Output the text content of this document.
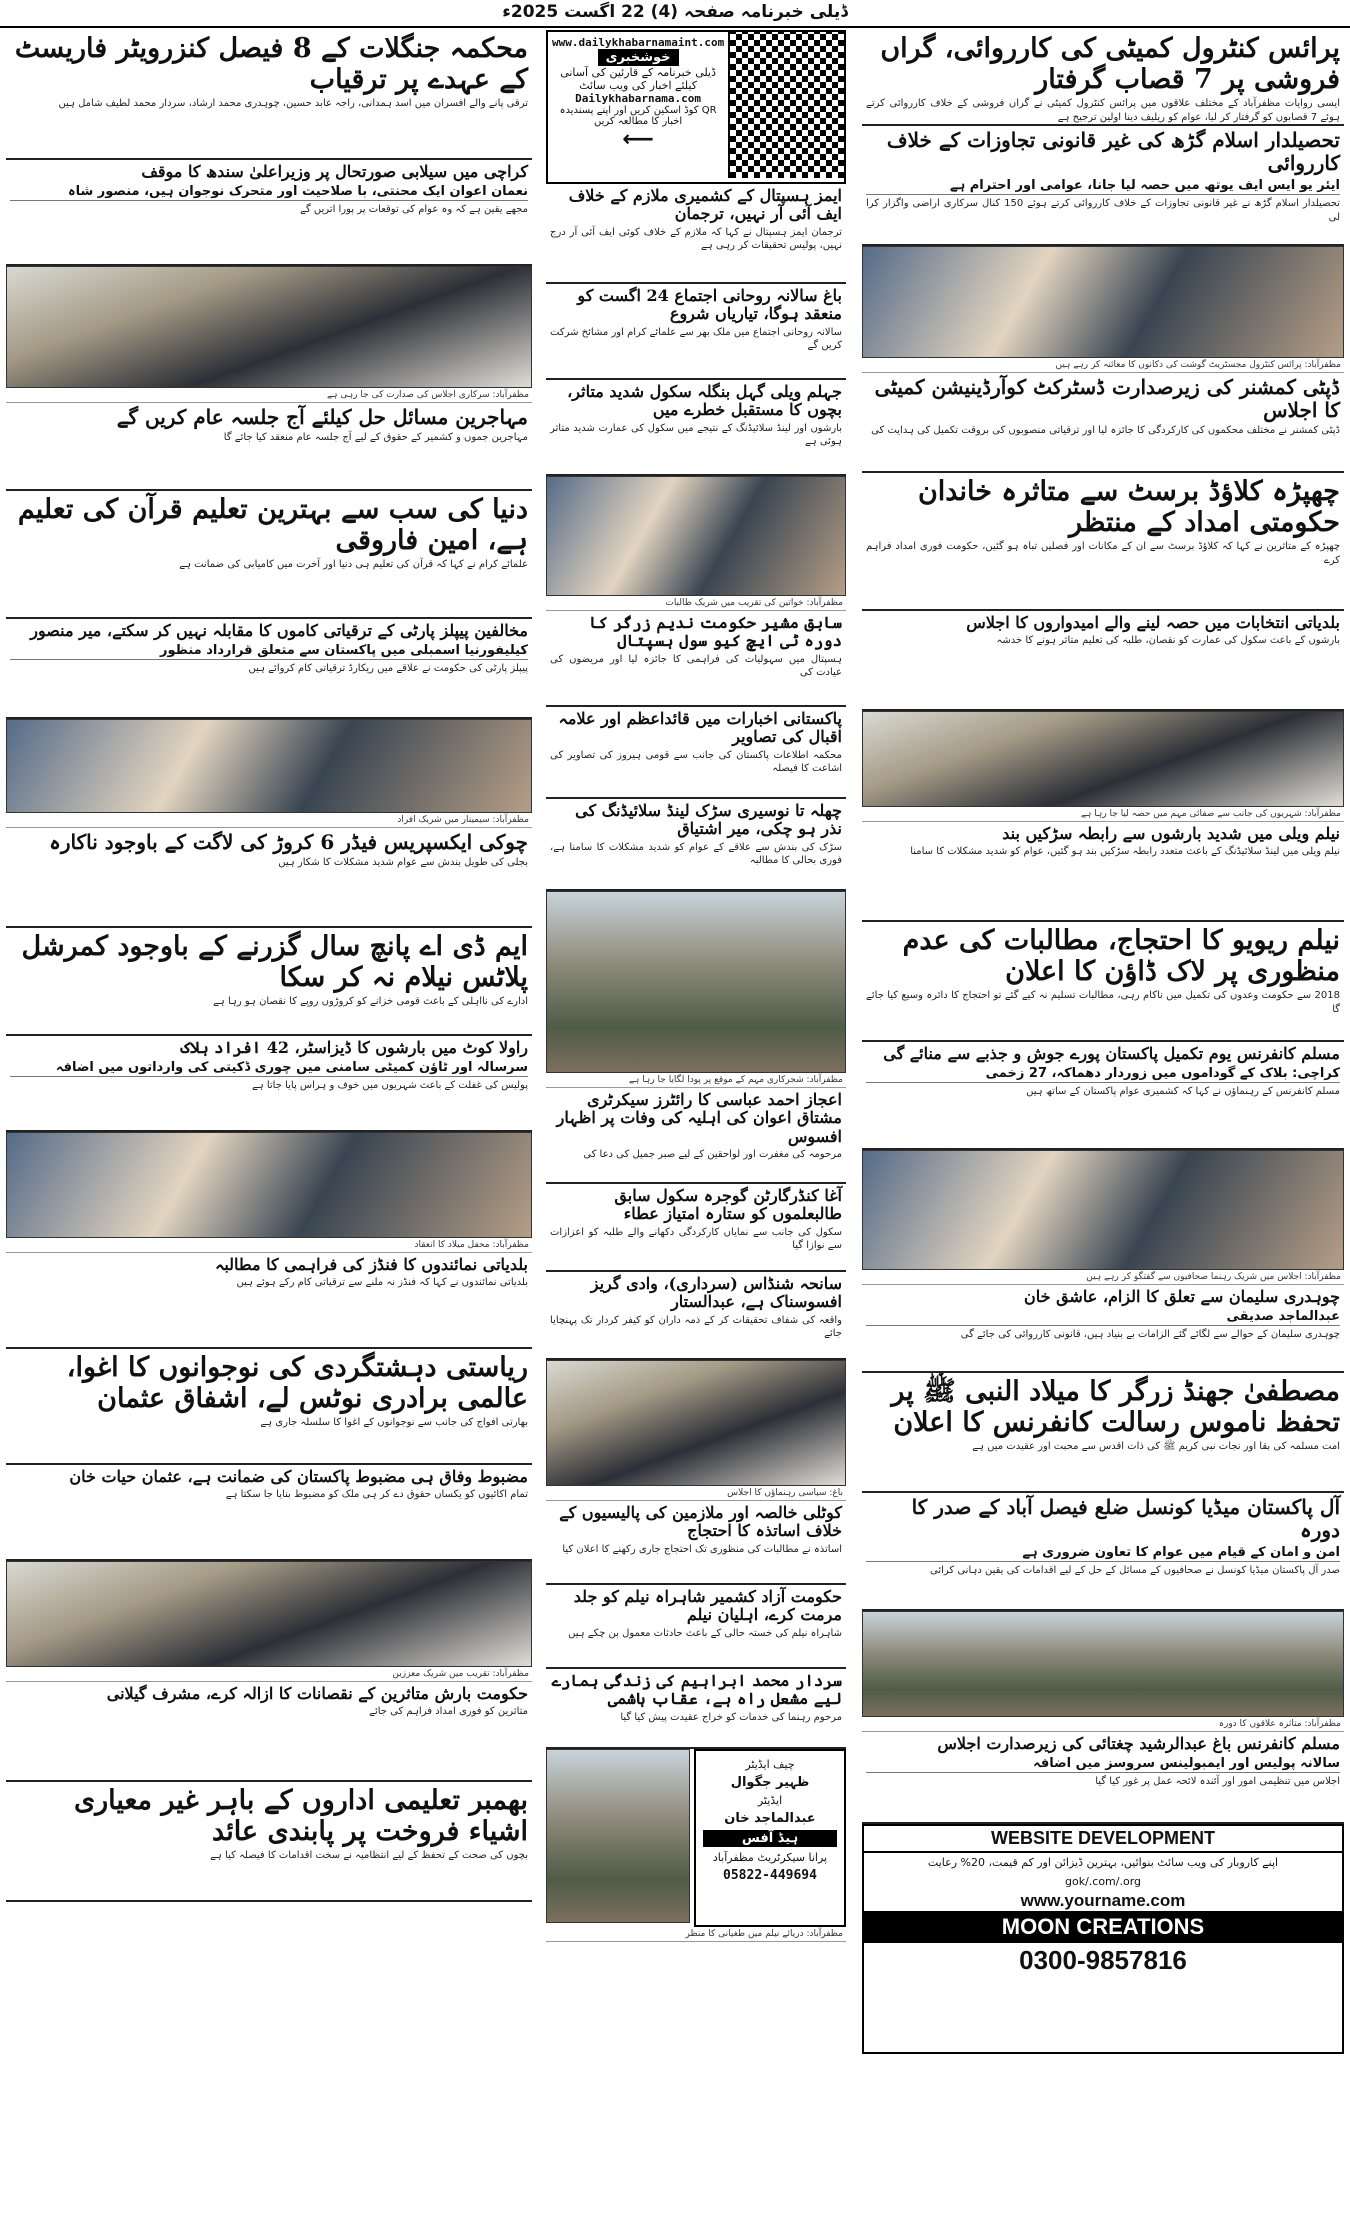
ڈیلی خبرنامہ صفحہ (4) 22 اگست 2025ء
پرائس کنٹرول کمیٹی کی کارروائی، گراں فروشی پر 7 قصاب گرفتار
ایسی روایات مظفرآباد کے مختلف علاقوں میں پرائس کنٹرول کمیٹی نے گراں فروشی کے خلاف کارروائی کرتے ہوئے 7 قصابوں کو گرفتار کر لیا، عوام کو ریلیف دینا اولین ترجیح ہے
تحصیلدار اسلام گڑھ کی غیر قانونی تجاوزات کے خلاف کارروائی
ایئر یو ایس ایف یوتھ میں حصہ لیا جانا، عوامی اور احترام ہے
تحصیلدار اسلام گڑھ نے غیر قانونی تجاوزات کے خلاف کارروائی کرتے ہوئے 150 کنال سرکاری اراضی واگزار کرا لی
مظفرآباد: پرائس کنٹرول مجسٹریٹ گوشت کی دکانوں کا معائنہ کر رہے ہیں
ڈپٹی کمشنر کی زیرصدارت ڈسٹرکٹ کوآرڈینیشن کمیٹی کا اجلاس
ڈپٹی کمشنر نے مختلف محکموں کی کارکردگی کا جائزہ لیا اور ترقیاتی منصوبوں کی بروقت تکمیل کی ہدایت کی
چھپڑہ کلاؤڈ برسٹ سے متاثرہ خاندان حکومتی امداد کے منتظر
چھپڑہ کے متاثرین نے کہا کہ کلاؤڈ برسٹ سے ان کے مکانات اور فصلیں تباہ ہو گئیں، حکومت فوری امداد فراہم کرے
بلدیاتی انتخابات میں حصہ لینے والے امیدواروں کا اجلاس
بارشوں کے باعث سکول کی عمارت کو نقصان، طلبہ کی تعلیم متاثر ہونے کا خدشہ
مظفرآباد: شہریوں کی جانب سے صفائی مہم میں حصہ لیا جا رہا ہے
نیلم ویلی میں شدید بارشوں سے رابطہ سڑکیں بند
نیلم ویلی میں لینڈ سلائیڈنگ کے باعث متعدد رابطہ سڑکیں بند ہو گئیں، عوام کو شدید مشکلات کا سامنا
نیلم ریویو کا احتجاج، مطالبات کی عدم منظوری پر لاک ڈاؤن کا اعلان
2018 سے حکومت وعدوں کی تکمیل میں ناکام رہی، مطالبات تسلیم نہ کیے گئے تو احتجاج کا دائرہ وسیع کیا جائے گا
مسلم کانفرنس یوم تکمیل پاکستان پورے جوش و جذبے سے منائے گی
کراچی: بلاک کے گوداموں میں زوردار دھماکہ، 27 زخمی
مسلم کانفرنس کے رہنماؤں نے کہا کہ کشمیری عوام پاکستان کے ساتھ ہیں
مظفرآباد: اجلاس میں شریک رہنما صحافیوں سے گفتگو کر رہے ہیں
چوہدری سلیمان سے تعلق کا الزام، عاشق خان
عبدالماجد صدیقی
چوہدری سلیمان کے حوالے سے لگائے گئے الزامات بے بنیاد ہیں، قانونی کارروائی کی جائے گی
مصطفیٰ جھنڈ زرگر کا میلاد النبی ﷺ پر تحفظ ناموس رسالت کانفرنس کا اعلان
امت مسلمہ کی بقا اور نجات نبی کریم ﷺ کی ذات اقدس سے محبت اور عقیدت میں ہے
آل پاکستان میڈیا کونسل ضلع فیصل آباد کے صدر کا دورہ
امن و امان کے قیام میں عوام کا تعاون ضروری ہے
صدر آل پاکستان میڈیا کونسل نے صحافیوں کے مسائل کے حل کے لیے اقدامات کی یقین دہانی کرائی
مظفرآباد: متاثرہ علاقوں کا دورہ
مسلم کانفرنس باغ عبدالرشید چغتائی کی زیرصدارت اجلاس
سالانہ پولیس اور ایمبولینس سروسز میں اضافہ
اجلاس میں تنظیمی امور اور آئندہ لائحہ عمل پر غور کیا گیا
WEBSITE DEVELOPMENT
اپنے کاروبار کی ویب سائٹ بنوائیں، بہترین ڈیزائن اور کم قیمت، 20% رعایت
gok/.com/.org
www.yourname.com
MOON CREATIONS
0300-9857816
www.dailykhabarnamaint.com
خوشخبری
ڈیلی خبرنامہ کے قارئین کی آسانی
کیلئے اخبار کی ویب سائٹ
Dailykhabarnama.com
QR کوڈ اسکین کریں اور اپنے پسندیدہ اخبار کا مطالعہ کریں
⟵
ایمز ہسپتال کے کشمیری ملازم کے خلاف ایف آئی آر نہیں، ترجمان
ترجمان ایمز ہسپتال نے کہا کہ ملازم کے خلاف کوئی ایف آئی آر درج نہیں، پولیس تحقیقات کر رہی ہے
باغ سالانہ روحانی اجتماع 24 اگست کو منعقد ہوگا، تیاریاں شروع
سالانہ روحانی اجتماع میں ملک بھر سے علمائے کرام اور مشائخ شرکت کریں گے
جہلم ویلی گہل بنگلہ سکول شدید متاثر، بچوں کا مستقبل خطرے میں
بارشوں اور لینڈ سلائیڈنگ کے نتیجے میں سکول کی عمارت شدید متاثر ہوئی ہے
مظفرآباد: خواتین کی تقریب میں شریک طالبات
سابق مشیر حکومت ندیم زرگر کا دورہ ٹی ایچ کیو سول ہسپتال
ہسپتال میں سہولیات کی فراہمی کا جائزہ لیا اور مریضوں کی عیادت کی
پاکستانی اخبارات میں قائداعظم اور علامہ اقبال کی تصاویر
محکمہ اطلاعات پاکستان کی جانب سے قومی ہیروز کی تصاویر کی اشاعت کا فیصلہ
چھلہ تا نوسیری سڑک لینڈ سلائیڈنگ کی نذر ہو چکی، میر اشتیاق
سڑک کی بندش سے علاقے کے عوام کو شدید مشکلات کا سامنا ہے، فوری بحالی کا مطالبہ
مظفرآباد: شجرکاری مہم کے موقع پر پودا لگایا جا رہا ہے
اعجاز احمد عباسی کا رائٹرز سیکرٹری مشتاق اعوان کی اہلیہ کی وفات پر اظہار افسوس
مرحومہ کی مغفرت اور لواحقین کے لیے صبر جمیل کی دعا کی
آغا کنڈرگارٹن گوجرہ سکول سابق طالبعلموں کو ستارہ امتیاز عطاء
سکول کی جانب سے نمایاں کارکردگی دکھانے والے طلبہ کو اعزازات سے نوازا گیا
سانحہ شنڈاس (سرداری)، وادی گریز افسوسناک ہے، عبدالستار
واقعہ کی شفاف تحقیقات کر کے ذمہ داران کو کیفر کردار تک پہنچایا جائے
باغ: سیاسی رہنماؤں کا اجلاس
کوٹلی خالصہ اور ملازمین کی پالیسیوں کے خلاف اساتذہ کا احتجاج
اساتذہ نے مطالبات کی منظوری تک احتجاج جاری رکھنے کا اعلان کیا
حکومت آزاد کشمیر شاہراہ نیلم کو جلد مرمت کرے، اہلیان نیلم
شاہراہ نیلم کی خستہ حالی کے باعث حادثات معمول بن چکے ہیں
سردار محمد ابراہیم کی زندگی ہمارے لیے مشعل راہ ہے، عقاب ہاشمی
مرحوم رہنما کی خدمات کو خراج عقیدت پیش کیا گیا
چیف ایڈیٹر
ظہیر جگوال
ایڈیٹر
عبدالماجد خان
ہیڈ آفس
پرانا سیکرٹریٹ مظفرآباد
05822-449694
مظفرآباد: دریائے نیلم میں طغیانی کا منظر
محکمہ جنگلات کے 8 فیصل کنزرویٹر فاریسٹ کے عہدے پر ترقیاب
ترقی پانے والے افسران میں اسد ہمدانی، راجہ عابد حسین، چوہدری محمد ارشاد، سردار محمد لطیف شامل ہیں
کراچی میں سیلابی صورتحال پر وزیراعلیٰ سندھ کا موقف
نعمان اعوان ایک محنتی، با صلاحیت اور متحرک نوجوان ہیں، منصور شاہ
مجھے یقین ہے کہ وہ عوام کی توقعات پر پورا اتریں گے
مظفرآباد: سرکاری اجلاس کی صدارت کی جا رہی ہے
مہاجرین مسائل حل کیلئے آج جلسہ عام کریں گے
مہاجرین جموں و کشمیر کے حقوق کے لیے آج جلسہ عام منعقد کیا جائے گا
دنیا کی سب سے بہترین تعلیم قرآن کی تعلیم ہے، امین فاروقی
علمائے کرام نے کہا کہ قرآن کی تعلیم ہی دنیا اور آخرت میں کامیابی کی ضمانت ہے
مخالفین پیپلز پارٹی کے ترقیاتی کاموں کا مقابلہ نہیں کر سکتے، میر منصور
کیلیفورنیا اسمبلی میں پاکستان سے متعلق قرارداد منظور
پیپلز پارٹی کی حکومت نے علاقے میں ریکارڈ ترقیاتی کام کروائے ہیں
مظفرآباد: سیمینار میں شریک افراد
چوکی ایکسپریس فیڈر 6 کروڑ کی لاگت کے باوجود ناکارہ
بجلی کی طویل بندش سے عوام شدید مشکلات کا شکار ہیں
ایم ڈی اے پانچ سال گزرنے کے باوجود کمرشل پلاٹس نیلام نہ کر سکا
ادارے کی نااہلی کے باعث قومی خزانے کو کروڑوں روپے کا نقصان ہو رہا ہے
راولا کوٹ میں بارشوں کا ڈیزاسٹر، 42 افراد ہلاک
سرسالہ اور ٹاؤن کمیٹی سامنی میں چوری ڈکیتی کی وارداتوں میں اضافہ
پولیس کی غفلت کے باعث شہریوں میں خوف و ہراس پایا جاتا ہے
مظفرآباد: محفل میلاد کا انعقاد
بلدیاتی نمائندوں کا فنڈز کی فراہمی کا مطالبہ
بلدیاتی نمائندوں نے کہا کہ فنڈز نہ ملنے سے ترقیاتی کام رکے ہوئے ہیں
ریاستی دہشتگردی کی نوجوانوں کا اغوا، عالمی برادری نوٹس لے، اشفاق عثمان
بھارتی افواج کی جانب سے نوجوانوں کے اغوا کا سلسلہ جاری ہے
مضبوط وفاق ہی مضبوط پاکستان کی ضمانت ہے، عثمان حیات خان
تمام اکائیوں کو یکساں حقوق دے کر ہی ملک کو مضبوط بنایا جا سکتا ہے
مظفرآباد: تقریب میں شریک معززین
حکومت بارش متاثرین کے نقصانات کا ازالہ کرے، مشرف گیلانی
متاثرین کو فوری امداد فراہم کی جائے
بھمبر تعلیمی اداروں کے باہر غیر معیاری اشیاء فروخت پر پابندی عائد
بچوں کی صحت کے تحفظ کے لیے انتظامیہ نے سخت اقدامات کا فیصلہ کیا ہے
